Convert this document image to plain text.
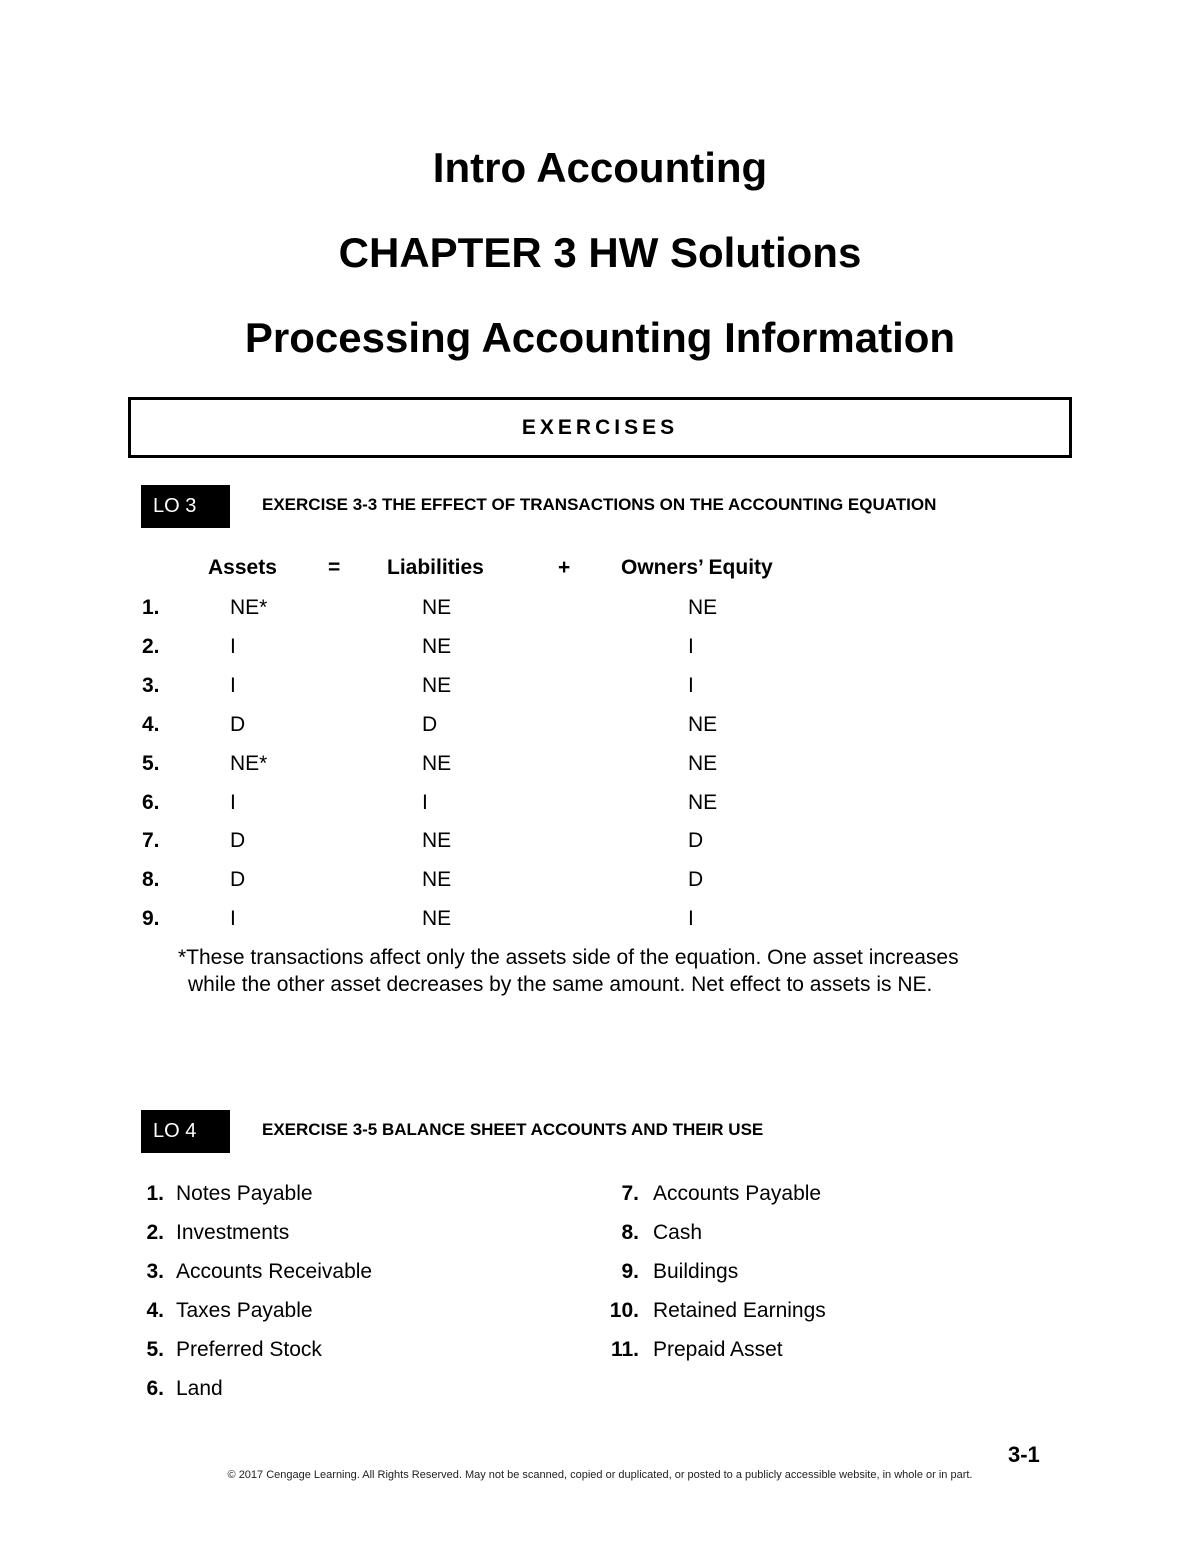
Intro Accounting
CHAPTER 3 HW Solutions
Processing Accounting Information
EXERCISES
LO 3	EXERCISE 3-3 THE EFFECT OF TRANSACTIONS ON THE ACCOUNTING EQUATION
Assets = Liabilities	+ Owners’ Equity
1.	NE*	NE	NE
2.	I	NE	I
3.	I	NE	I
4.	D	D	NE
5.	NE*	NE	NE
6.	I	I	NE
7.	D	NE	D
8.	D	NE	D
9.	I	NE	I
*These transactions affect only the assets side of the equation. One asset increases
while the other asset decreases by the same amount. Net effect to assets is NE.
LO 4	EXERCISE 3-5 BALANCE SHEET ACCOUNTS AND THEIR USE
1. Notes Payable
2. Investments
3. Accounts Receivable
4. Taxes Payable
5. Preferred Stock
6. Land
7. Accounts Payable
8. Cash
9. Buildings
10. Retained Earnings
11. Prepaid Asset
3-1
© 2017 Cengage Learning. All Rights Reserved. May not be scanned, copied or duplicated, or posted to a publicly accessible website, in whole or in part.
